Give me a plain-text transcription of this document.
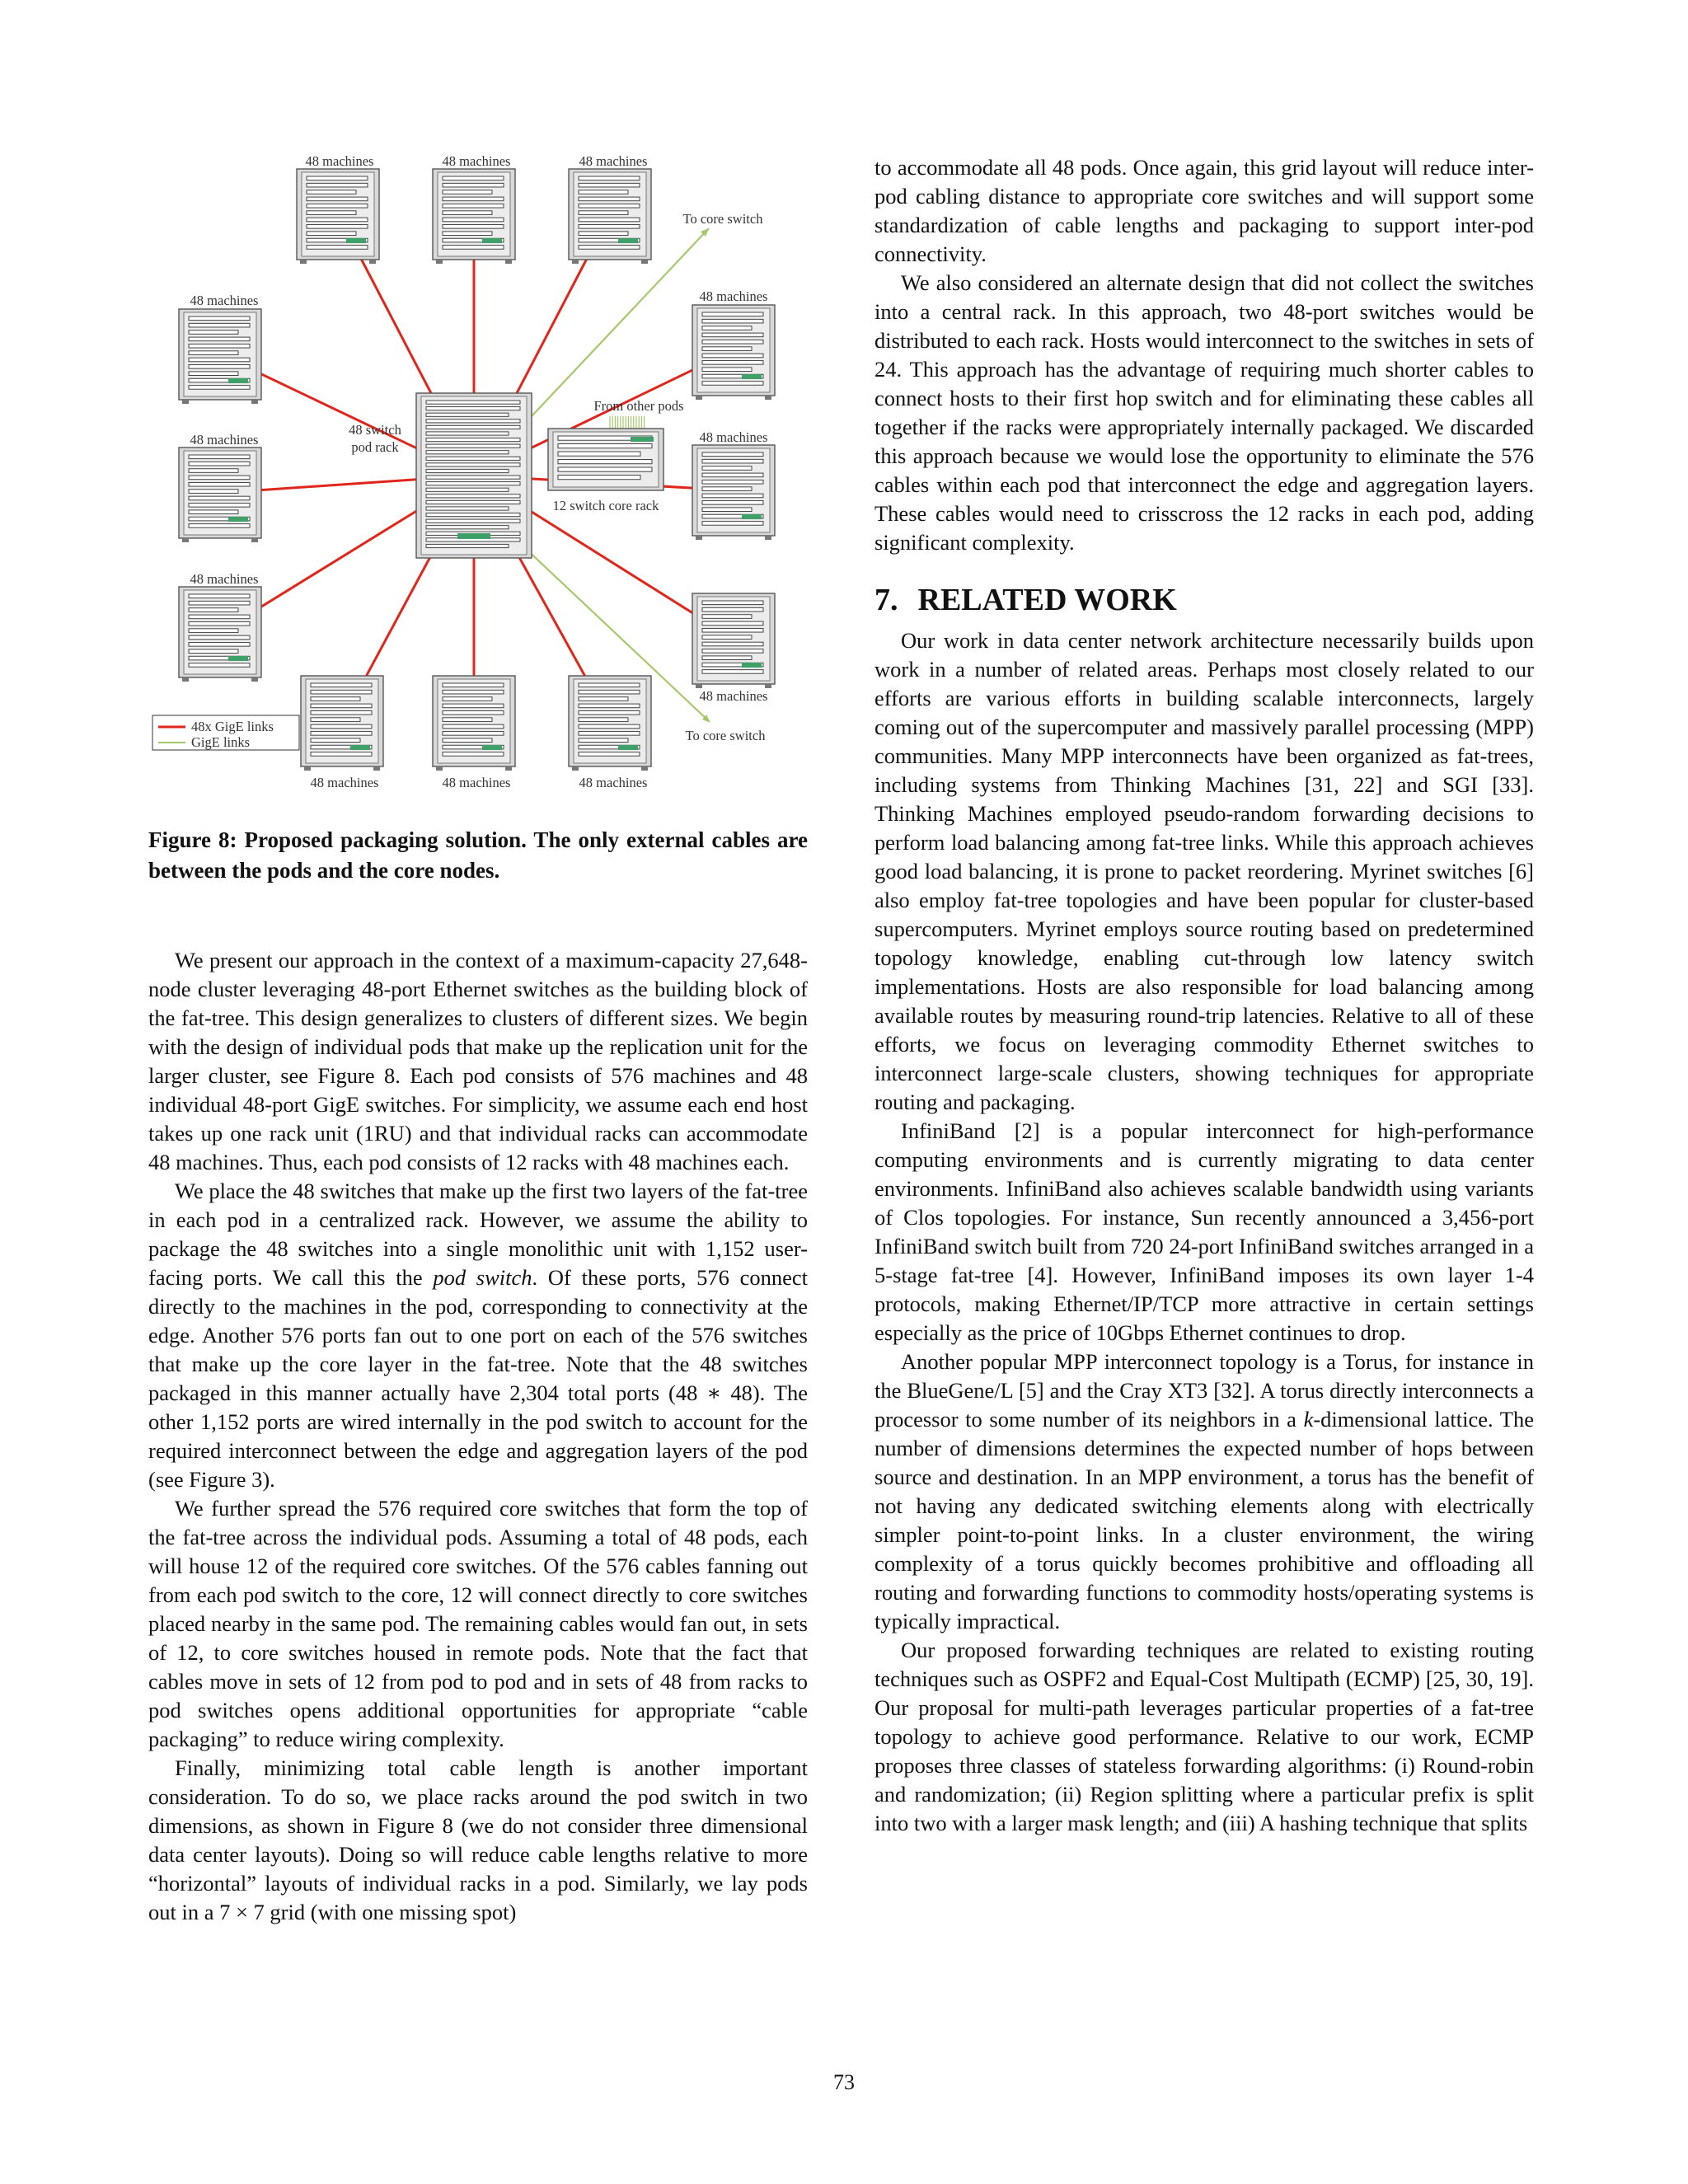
48 machines	48 machines	48 machines
48 machines
48 machines
48 machines
48 machines	48 machines	48 machines
48 machines
48 machines
48 machines
48 switch
pod rack
12 switch core rack
From other pods
To core switch
To core switch
48x GigE links
GigE links
Figure 8: Proposed packaging solution. The only external cables are between the pods and the core nodes.

We present our approach in the context of a maximum-capacity 27,648-node cluster leveraging 48-port Ethernet switches as the building block of the fat-tree. This design generalizes to clusters of different sizes. We begin with the design of individual pods that make up the replication unit for the larger cluster, see Figure 8. Each pod consists of 576 machines and 48 individual 48-port GigE switches. For simplicity, we assume each end host takes up one rack unit (1RU) and that individual racks can accommodate 48 machines. Thus, each pod consists of 12 racks with 48 machines each.

We place the 48 switches that make up the first two layers of the fat-tree in each pod in a centralized rack. However, we assume the ability to package the 48 switches into a single monolithic unit with 1,152 user-facing ports. We call this the pod switch. Of these ports, 576 connect directly to the machines in the pod, corresponding to connectivity at the edge. Another 576 ports fan out to one port on each of the 576 switches that make up the core layer in the fat-tree. Note that the 48 switches packaged in this manner actually have 2,304 total ports (48 ∗ 48). The other 1,152 ports are wired internally in the pod switch to account for the required interconnect between the edge and aggregation layers of the pod (see Figure 3).

We further spread the 576 required core switches that form the top of the fat-tree across the individual pods. Assuming a total of 48 pods, each will house 12 of the required core switches. Of the 576 cables fanning out from each pod switch to the core, 12 will connect directly to core switches placed nearby in the same pod. The remaining cables would fan out, in sets of 12, to core switches housed in remote pods. Note that the fact that cables move in sets of 12 from pod to pod and in sets of 48 from racks to pod switches opens additional opportunities for appropriate “cable packaging” to reduce wiring complexity.

Finally, minimizing total cable length is another important consideration. To do so, we place racks around the pod switch in two dimensions, as shown in Figure 8 (we do not consider three dimensional data center layouts). Doing so will reduce cable lengths relative to more “horizontal” layouts of individual racks in a pod. Similarly, we lay pods out in a 7 × 7 grid (with one missing spot)

to accommodate all 48 pods. Once again, this grid layout will reduce inter-pod cabling distance to appropriate core switches and will support some standardization of cable lengths and packaging to support inter-pod connectivity.

We also considered an alternate design that did not collect the switches into a central rack. In this approach, two 48-port switches would be distributed to each rack. Hosts would interconnect to the switches in sets of 24. This approach has the advantage of requiring much shorter cables to connect hosts to their first hop switch and for eliminating these cables all together if the racks were appropriately internally packaged. We discarded this approach because we would lose the opportunity to eliminate the 576 cables within each pod that interconnect the edge and aggregation layers. These cables would need to crisscross the 12 racks in each pod, adding significant complexity.

7. RELATED WORK

Our work in data center network architecture necessarily builds upon work in a number of related areas. Perhaps most closely related to our efforts are various efforts in building scalable interconnects, largely coming out of the supercomputer and massively parallel processing (MPP) communities. Many MPP interconnects have been organized as fat-trees, including systems from Thinking Machines [31, 22] and SGI [33]. Thinking Machines employed pseudo-random forwarding decisions to perform load balancing among fat-tree links. While this approach achieves good load balancing, it is prone to packet reordering. Myrinet switches [6] also employ fat-tree topologies and have been popular for cluster-based supercomputers. Myrinet employs source routing based on predetermined topology knowledge, enabling cut-through low latency switch implementations. Hosts are also responsible for load balancing among available routes by measuring round-trip latencies. Relative to all of these efforts, we focus on leveraging commodity Ethernet switches to interconnect large-scale clusters, showing techniques for appropriate routing and packaging.

InfiniBand [2] is a popular interconnect for high-performance computing environments and is currently migrating to data center environments. InfiniBand also achieves scalable bandwidth using variants of Clos topologies. For instance, Sun recently announced a 3,456-port InfiniBand switch built from 720 24-port InfiniBand switches arranged in a 5-stage fat-tree [4]. However, InfiniBand imposes its own layer 1-4 protocols, making Ethernet/IP/TCP more attractive in certain settings especially as the price of 10Gbps Ethernet continues to drop.

Another popular MPP interconnect topology is a Torus, for instance in the BlueGene/L [5] and the Cray XT3 [32]. A torus directly interconnects a processor to some number of its neighbors in a k-dimensional lattice. The number of dimensions determines the expected number of hops between source and destination. In an MPP environment, a torus has the benefit of not having any dedicated switching elements along with electrically simpler point-to-point links. In a cluster environment, the wiring complexity of a torus quickly becomes prohibitive and offloading all routing and forwarding functions to commodity hosts/operating systems is typically impractical.

Our proposed forwarding techniques are related to existing routing techniques such as OSPF2 and Equal-Cost Multipath (ECMP) [25, 30, 19]. Our proposal for multi-path leverages particular properties of a fat-tree topology to achieve good performance. Relative to our work, ECMP proposes three classes of stateless forwarding algorithms: (i) Round-robin and randomization; (ii) Region splitting where a particular prefix is split into two with a larger mask length; and (iii) A hashing technique that splits

73
